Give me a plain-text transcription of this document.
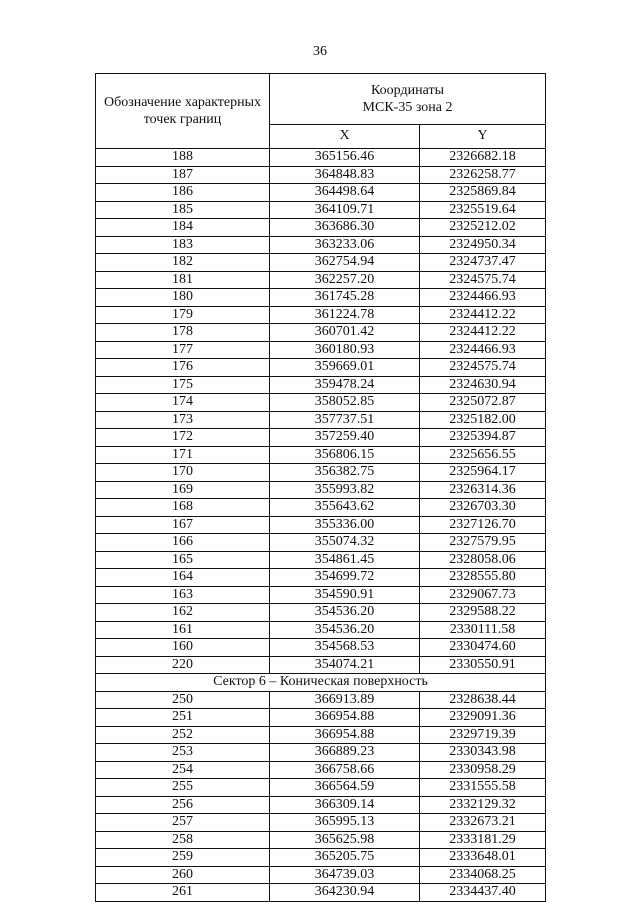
36
Обозначение характерных
точек границ	Координаты
МСК-35 зона 2	

	X	Y
188	365156.46	2326682.18
187	364848.83	2326258.77
186	364498.64	2325869.84
185	364109.71	2325519.64
184	363686.30	2325212.02
183	363233.06	2324950.34
182	362754.94	2324737.47
181	362257.20	2324575.74
180	361745.28	2324466.93
179	361224.78	2324412.22
178	360701.42	2324412.22
177	360180.93	2324466.93
176	359669.01	2324575.74
175	359478.24	2324630.94
174	358052.85	2325072.87
173	357737.51	2325182.00
172	357259.40	2325394.87
171	356806.15	2325656.55
170	356382.75	2325964.17
169	355993.82	2326314.36
168	355643.62	2326703.30
167	355336.00	2327126.70
166	355074.32	2327579.95
165	354861.45	2328058.06
164	354699.72	2328555.80
163	354590.91	2329067.73
162	354536.20	2329588.22
161	354536.20	2330111.58
160	354568.53	2330474.60
220	354074.21	2330550.91
Сектор 6 – Коническая поверхность		
250	366913.89	2328638.44
251	366954.88	2329091.36
252	366954.88	2329719.39
253	366889.23	2330343.98
254	366758.66	2330958.29
255	366564.59	2331555.58
256	366309.14	2332129.32
257	365995.13	2332673.21
258	365625.98	2333181.29
259	365205.75	2333648.01
260	364739.03	2334068.25
261	364230.94	2334437.40
